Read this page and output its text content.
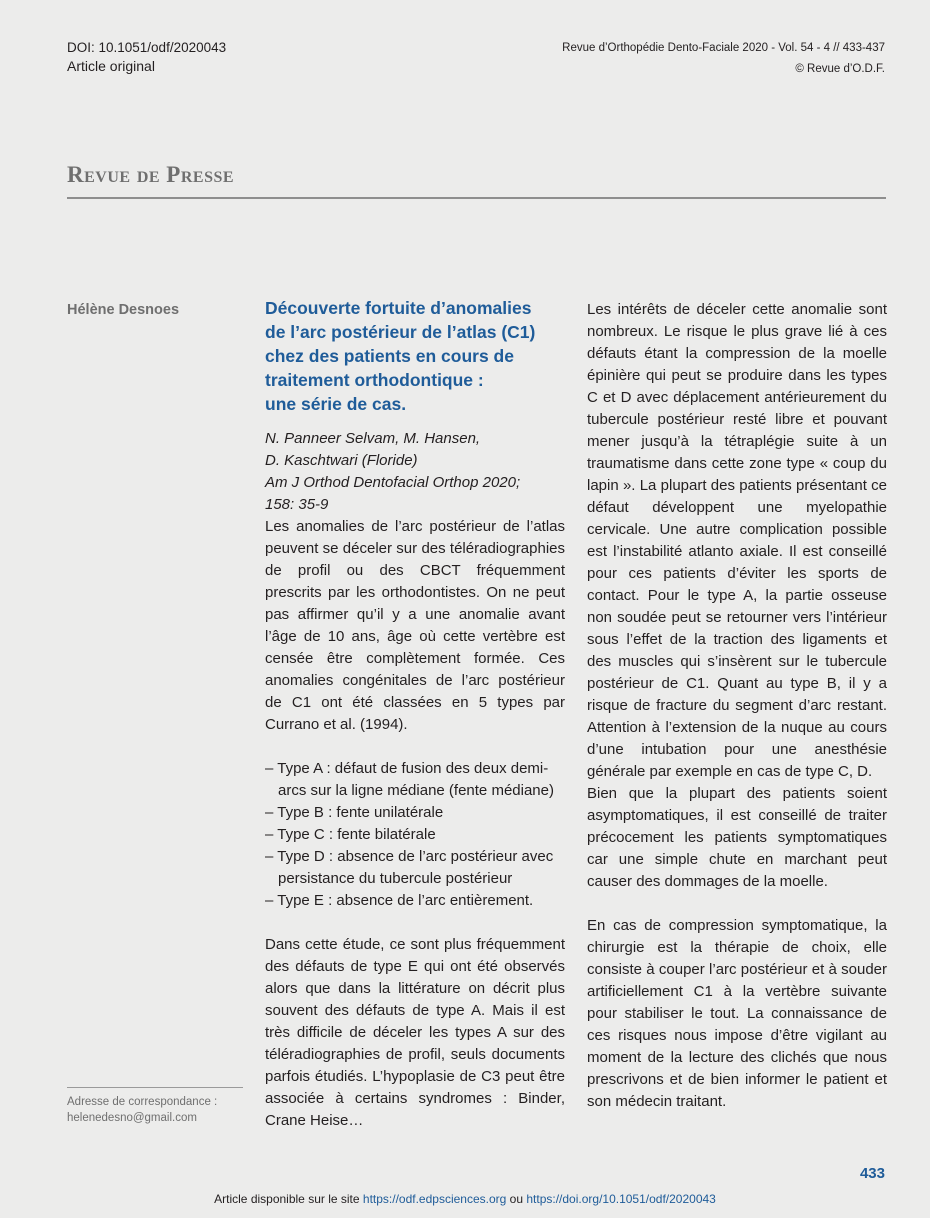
DOI: 10.1051/odf/2020043
Article original
Revue d’Orthopédie Dento-Faciale 2020 - Vol. 54 - 4 // 433-437
© Revue d’O.D.F.
Revue de Presse
Hélène Desnoes	Découverte fortuite d’anomalies
de l’arc postérieur de l’atlas (C1)
chez des patients en cours de
traitement orthodontique :
une série de cas.
N. Panneer Selvam, M. Hansen,
D. Kaschtwari (Floride)
Am J Orthod Dentofacial Orthop 2020;
158: 35-9

Les anomalies de l’arc postérieur de l’atlas peuvent se déceler sur des téléradiographies de profil ou des CBCT fréquemment prescrits par les orthodontistes. On ne peut pas affirmer qu’il y a une anomalie avant l’âge de 10 ans, âge où cette vertèbre est censée être complètement formée. Ces anomalies congénitales de l’arc postérieur de C1 ont été classées en 5 types par Currano et al. (1994).

– Type A : défaut de fusion des deux demi-arcs sur la ligne médiane (fente médiane)
– Type B : fente unilatérale
– Type C : fente bilatérale
– Type D : absence de l’arc postérieur avec persistance du tubercule postérieur
– Type E : absence de l’arc entièrement.

Dans cette étude, ce sont plus fréquemment des défauts de type E qui ont été observés alors que dans la littérature on décrit plus souvent des défauts de type A. Mais il est très difficile de déceler les types A sur des téléradiographies de profil, seuls documents parfois étudiés. L’hypoplasie de C3 peut être associée à certains syndromes : Binder, Crane Heise…

Les intérêts de déceler cette anomalie sont nombreux. Le risque le plus grave lié à ces défauts étant la compression de la moelle épinière qui peut se produire dans les types C et D avec déplacement antérieurement du tubercule postérieur resté libre et pouvant mener jusqu’à la tétraplégie suite à un traumatisme dans cette zone type « coup du lapin ». La plupart des patients présentant ce défaut développent une myelopathie cervicale. Une autre complication possible est l’instabilité atlanto axiale. Il est conseillé pour ces patients d’éviter les sports de contact. Pour le type A, la partie osseuse non soudée peut se retourner vers l’intérieur sous l’effet de la traction des ligaments et des muscles qui s’insèrent sur le tubercule postérieur de C1. Quant au type B, il y a risque de fracture du segment d’arc restant. Attention à l’extension de la nuque au cours d’une intubation pour une anesthésie générale par exemple en cas de type C, D.

Bien que la plupart des patients soient asymptomatiques, il est conseillé de traiter précocement les patients symptomatiques car une simple chute en marchant peut causer des dommages de la moelle.

En cas de compression symptomatique, la chirurgie est la thérapie de choix, elle consiste à couper l’arc postérieur et à souder artificiellement C1 à la vertèbre suivante pour stabiliser le tout. La connaissance de ces risques nous impose d’être vigilant au moment de la lecture des clichés que nous prescrivons et de bien informer le patient et son médecin traitant.

Adresse de correspondance :
helenedesno@gmail.com
433
Article disponible sur le site https://odf.edpsciences.org ou https://doi.org/10.1051/odf/2020043
